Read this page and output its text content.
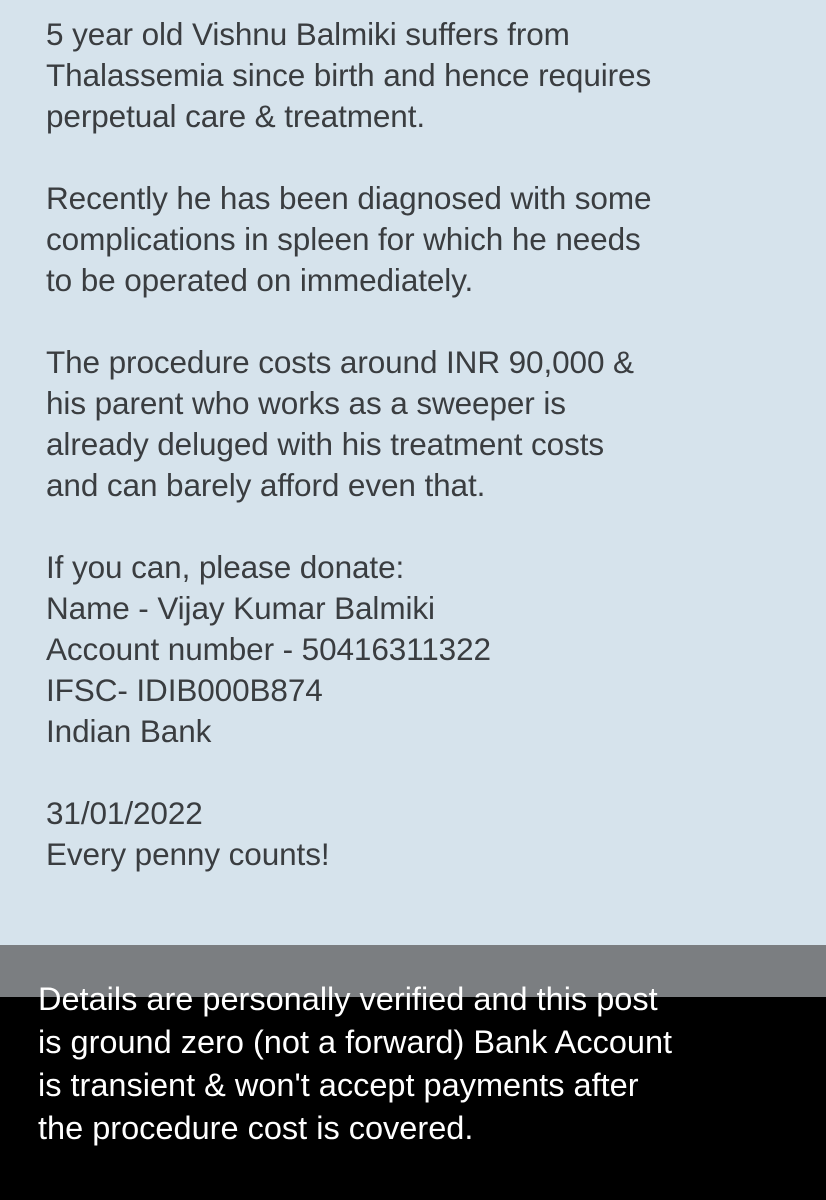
5 year old Vishnu Balmiki suffers from
Thalassemia since birth and hence requires
perpetual care & treatment.

Recently he has been diagnosed with some
complications in spleen for which he needs
to be operated on immediately.

The procedure costs around INR 90,000 &
his parent who works as a sweeper is
already deluged with his treatment costs
and can barely afford even that.

If you can, please donate:
Name - Vijay Kumar Balmiki
Account number - 50416311322
IFSC- IDIB000B874
Indian Bank
31/01/2022
Every penny counts!
Details are personally verified and this post
is ground zero (not a forward) Bank Account
is transient & won't accept payments after
the procedure cost is covered.
